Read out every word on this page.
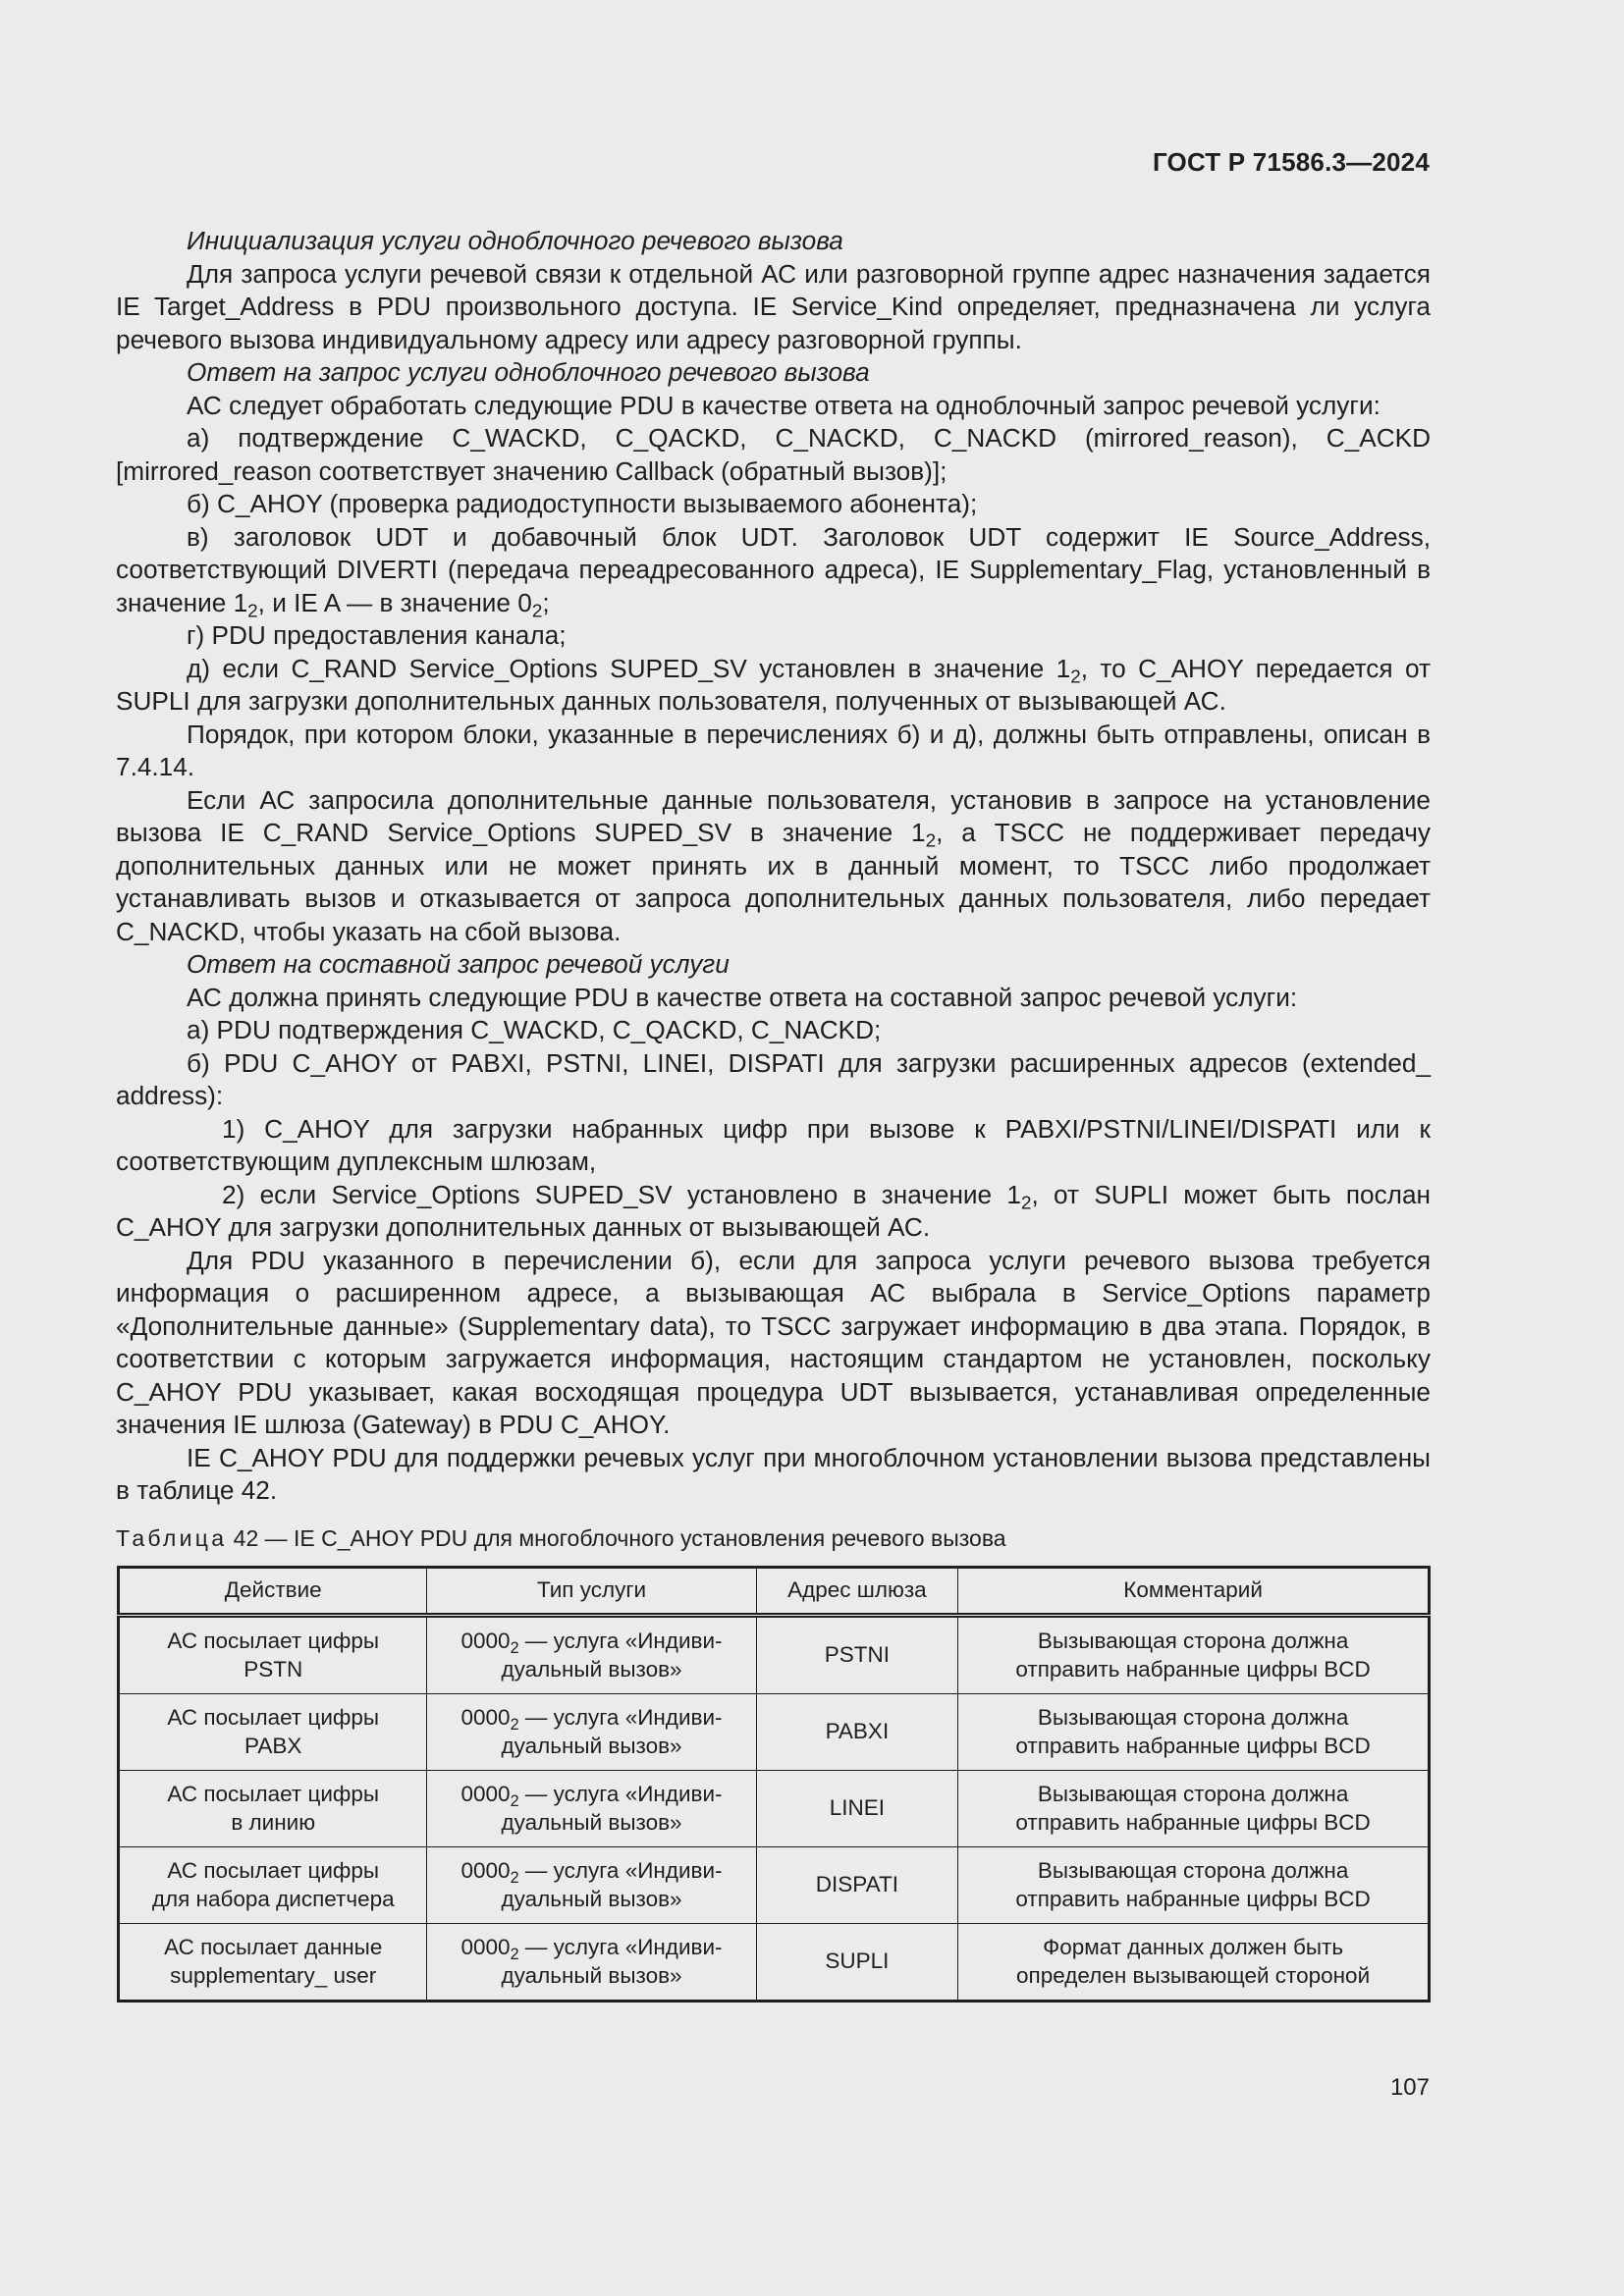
ГОСТ Р 71586.3—2024

Инициализация услуги одноблочного речевого вызова

Для запроса услуги речевой связи к отдельной АС или разговорной группе адрес назначения задается IE Target_Address в PDU произвольного доступа. IE Service_Kind определяет, предназначена ли услуга речевого вызова индивидуальному адресу или адресу разговорной группы.

Ответ на запрос услуги одноблочного речевого вызова

АС следует обработать следующие PDU в качестве ответа на одноблочный запрос речевой услуги:

а) подтверждение C_WACKD, C_QACKD, C_NACKD, C_NACKD (mirrored_reason), C_ACKD [mirrored_reason соответствует значению Callback (обратный вызов)];

б) C_AHOY (проверка радиодоступности вызываемого абонента);

в) заголовок UDT и добавочный блок UDT. Заголовок UDT содержит IE Source_Address, соответствующий DIVERTI (передача переадресованного адреса), IE Supplementary_Flag, установленный в значение $1_2$, и IE A — в значение $0_2$;

г) PDU предоставления канала;

д) если C_RAND Service_Options SUPED_SV установлен в значение $1_2$, то C_AHOY передается от SUPLI для загрузки дополнительных данных пользователя, полученных от вызывающей АС.

Порядок, при котором блоки, указанные в перечислениях б) и д), должны быть отправлены, описан в 7.4.14.

Если АС запросила дополнительные данные пользователя, установив в запросе на установление вызова IE C_RAND Service_Options SUPED_SV в значение $1_2$, а TSCC не поддерживает передачу дополнительных данных или не может принять их в данный момент, то TSCC либо продолжает устанавливать вызов и отказывается от запроса дополнительных данных пользователя, либо передает C_NACKD, чтобы указать на сбой вызова.

Ответ на составной запрос речевой услуги

АС должна принять следующие PDU в качестве ответа на составной запрос речевой услуги:

а) PDU подтверждения C_WACKD, C_QACKD, C_NACKD;

б) PDU C_AHOY от PABXI, PSTNI, LINEI, DISPATI для загрузки расширенных адресов (extended_ address):

1) C_AHOY для загрузки набранных цифр при вызове к PABXI/PSTNI/LINEI/DISPATI или к соответствующим дуплексным шлюзам,

2) если Service_Options SUPED_SV установлено в значение $1_2$, от SUPLI может быть послан C_AHOY для загрузки дополнительных данных от вызывающей АС.

Для PDU указанного в перечислении б), если для запроса услуги речевого вызова требуется информация о расширенном адресе, а вызывающая АС выбрала в Service_Options параметр «Дополнительные данные» (Supplementary data), то TSCC загружает информацию в два этапа. Порядок, в соответствии с которым загружается информация, настоящим стандартом не установлен, поскольку C_AHOY PDU указывает, какая восходящая процедура UDT вызывается, устанавливая определенные значения IE шлюза (Gateway) в PDU C_AHOY.

IE C_AHOY PDU для поддержки речевых услуг при многоблочном установлении вызова представлены в таблице 42.

Таблица 42 — IE C_AHOY PDU для многоблочного установления речевого вызова
Действие	Тип услуги	Адрес шлюза	Комментарий
АС посылает цифры
PSTN	$0000_2$ — услуга «Индиви-
дуальный вызов»	PSTNI	Вызывающая сторона должна
отправить набранные цифры BCD
АС посылает цифры
PABX	$0000_2$ — услуга «Индиви-
дуальный вызов»	PABXI	Вызывающая сторона должна
отправить набранные цифры BCD
АС посылает цифры
в линию	$0000_2$ — услуга «Индиви-
дуальный вызов»	LINEI	Вызывающая сторона должна
отправить набранные цифры BCD
АС посылает цифры
для набора диспетчера	$0000_2$ — услуга «Индиви-
дуальный вызов»	DISPATI	Вызывающая сторона должна
отправить набранные цифры BCD
АС посылает данные
supplementary_ user	$0000_2$ — услуга «Индиви-
дуальный вызов»	SUPLI	Формат данных должен быть
определен вызывающей стороной
107
